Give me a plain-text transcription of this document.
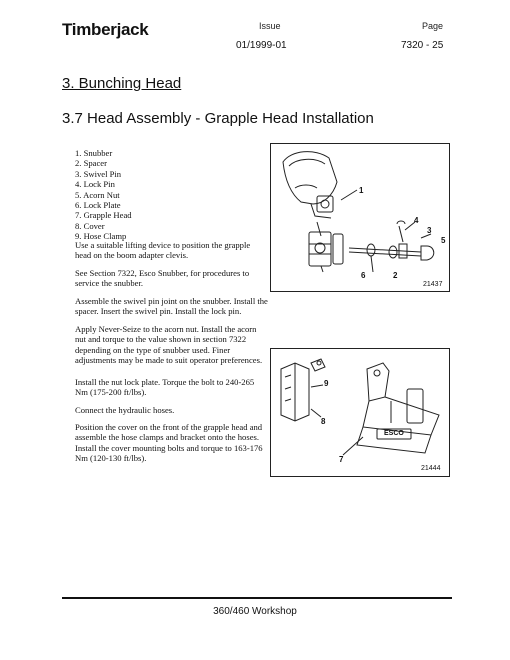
Timberjack	Issue
01/1999-01
Page
7320 - 25
3. Bunching Head
3.7 Head Assembly - Grapple Head Installation
1. Snubber
2. Spacer
3. Swivel Pin
4. Lock Pin
5. Acorn Nut
6. Lock Plate
7. Grapple Head
8. Cover
9. Hose Clamp

Use a suitable lifting device to position the grapple head on the boom adapter clevis.

See Section 7322, Esco Snubber, for procedures to service the snubber.

Assemble the swivel pin joint on the snubber. Install the spacer. Insert the swivel pin. Install the lock pin.

Apply Never-Seize to the acorn nut. Install the acorn nut and torque to the value shown in section 7322 depending on the type of snubber used. Finer adjustments may be made to suit operator preferences.

Install the nut lock plate. Torque the bolt to 240-265 Nm (175-200 ft/lbs).

Connect the hydraulic hoses.

Position the cover on the front of the grapple head and assemble the hose clamps and bracket onto the hoses. Install the cover mounting bolts and torque to 163-176 Nm (120-130 ft/lbs).

1
2
3
4
5
6
21437
9
8
7
ESCO
21444
360/460 Workshop
